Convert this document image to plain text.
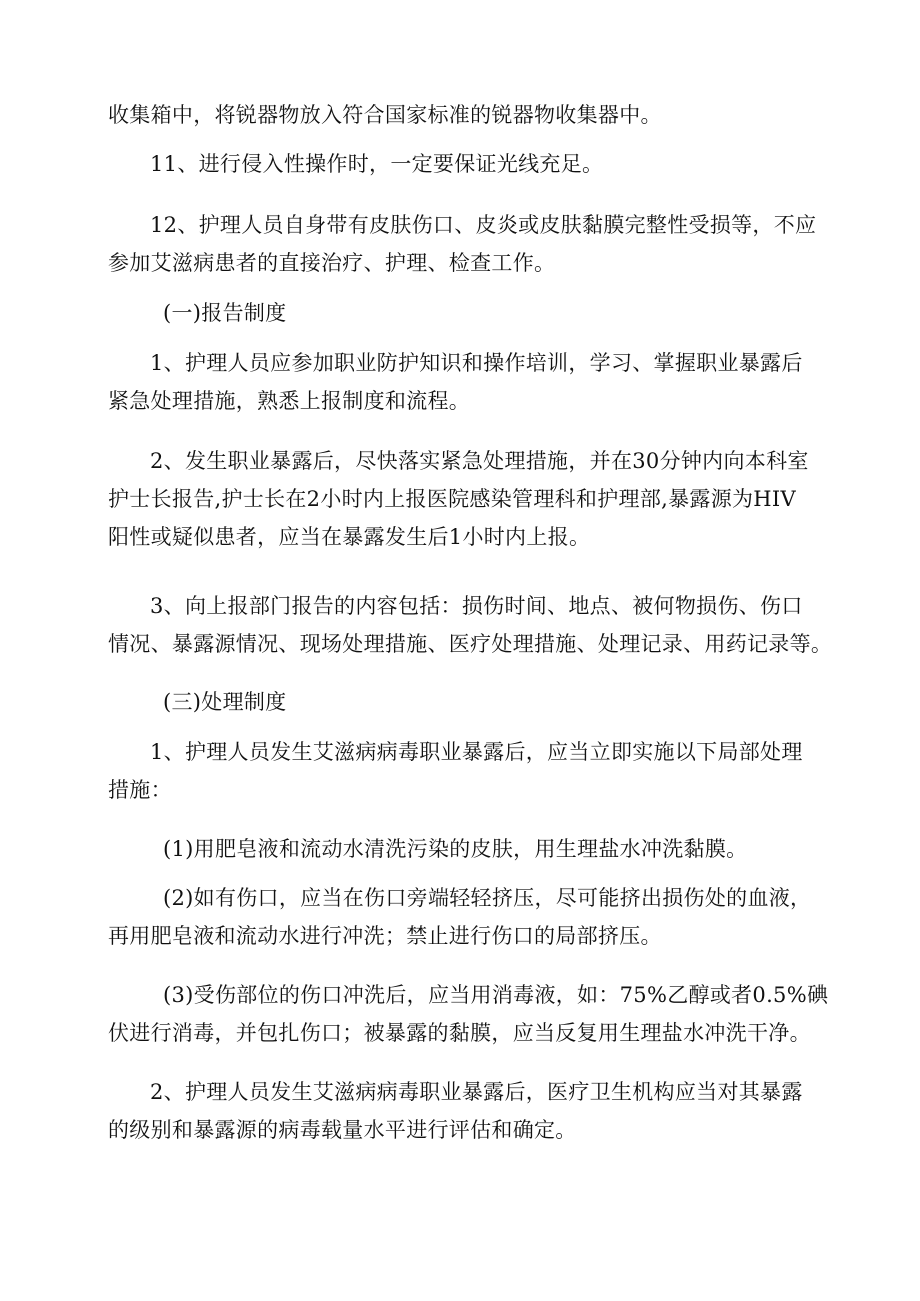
收集箱中，将锐器物放入符合国家标准的锐器物收集器中。

11、进行侵入性操作时，一定要保证光线充足。

12、护理人员自身带有皮肤伤口、皮炎或皮肤黏膜完整性受损等，不应
参加艾滋病患者的直接治疗、护理、检查工作。

(一)报告制度

1、护理人员应参加职业防护知识和操作培训，学习、掌握职业暴露后
紧急处理措施，熟悉上报制度和流程。

2、发生职业暴露后，尽快落实紧急处理措施，并在30分钟内向本科室
护士长报告,护士长在2小时内上报医院感染管理科和护理部,暴露源为HIV
阳性或疑似患者，应当在暴露发生后1小时内上报。

3、向上报部门报告的内容包括：损伤时间、地点、被何物损伤、伤口
情况、暴露源情况、现场处理措施、医疗处理措施、处理记录、用药记录等。

(三)处理制度

1、护理人员发生艾滋病病毒职业暴露后，应当立即实施以下局部处理
措施：

(1)用肥皂液和流动水清洗污染的皮肤，用生理盐水冲洗黏膜。

(2)如有伤口，应当在伤口旁端轻轻挤压，尽可能挤出损伤处的血液，
再用肥皂液和流动水进行冲洗；禁止进行伤口的局部挤压。

(3)受伤部位的伤口冲洗后，应当用消毒液，如：75%乙醇或者0.5%碘
伏进行消毒，并包扎伤口；被暴露的黏膜，应当反复用生理盐水冲洗干净。

2、护理人员发生艾滋病病毒职业暴露后，医疗卫生机构应当对其暴露
的级别和暴露源的病毒载量水平进行评估和确定。
